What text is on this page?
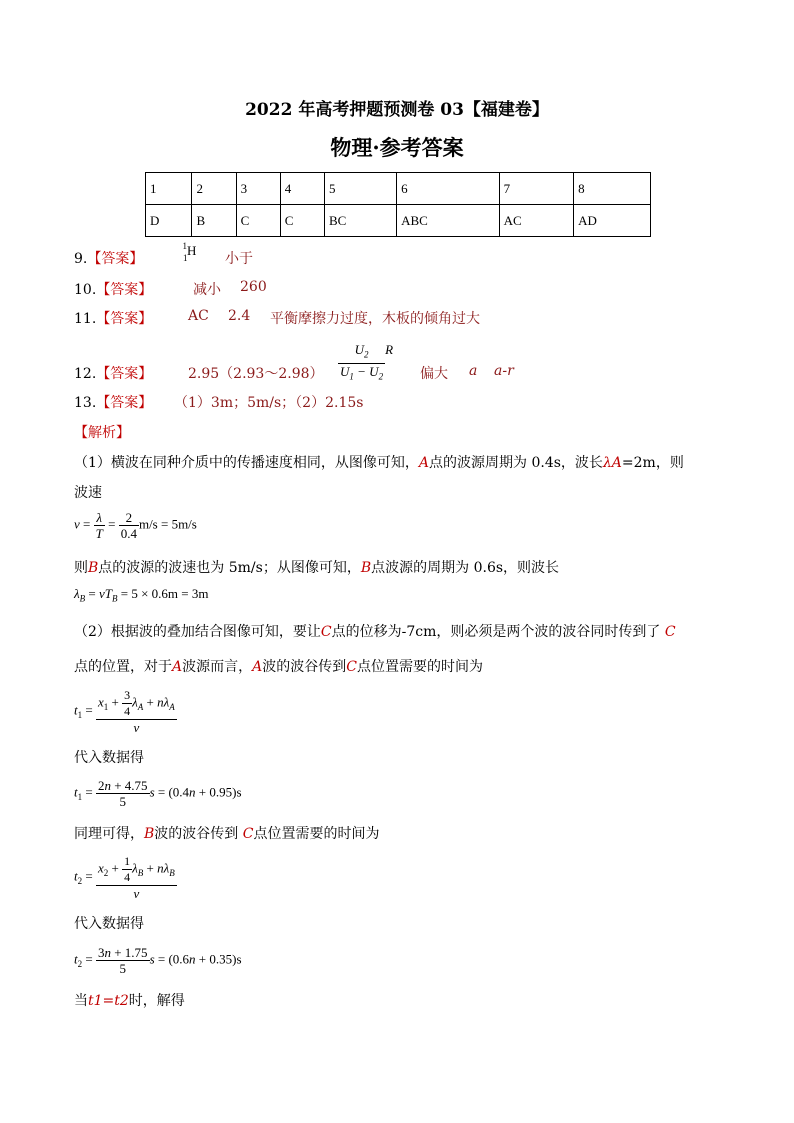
2022 年高考押题预测卷 03【福建卷】
物理·参考答案
1	2	3	4	5	6	7	8
D	B	C	C	BC	ABC	AC	AD
9.【答案】	$_1^1$H
小于
10.【答案】	减小 260
11.【答案】	AC 2.4 平衡摩擦力过度，木板的倾角过大
12.【答案】	2.95（2.93～2.98） $\frac{U_2}{U_1 - U_2}$ R
偏大 a a-r
13.【答案】 （1）3m；5m/s；（2）2.15s
【解析】
（1）横波在同种介质中的传播速度相同，从图像可知，A点的波源周期为 0.4s，波长λA=2m，则
波速
$v = \frac{\lambda}{T} = \frac{2}{0.4} m/s = 5m/s$
则B点的波源的波速也为 5m/s；从图像可知，B点波源的周期为 0.6s，则波长
$\lambda_B = vT_B = 5 \times 0.6m = 3m$
（2）根据波的叠加结合图像可知，要让C点的位移为-7cm，则必须是两个波的波谷同时传到了 C
点的位置，对于A波源而言，A波的波谷传到C点位置需要的时间为
$t_1 = \frac{x_1 + \frac{3}{4} \lambda_A + n\lambda_A}{v}$
代入数据得
$t_1 = \frac{2n + 4.75}{5}$ s = (0.4n + 0.95)s
同理可得，B波的波谷传到 C点位置需要的时间为
$t_2 = \frac{x_2 + \frac{1}{4} \lambda_B + n\lambda_B}{v}$
代入数据得
$t_2 = \frac{3n + 1.75}{5}$ s = (0.6n + 0.35)s
当t1=t2时，解得
